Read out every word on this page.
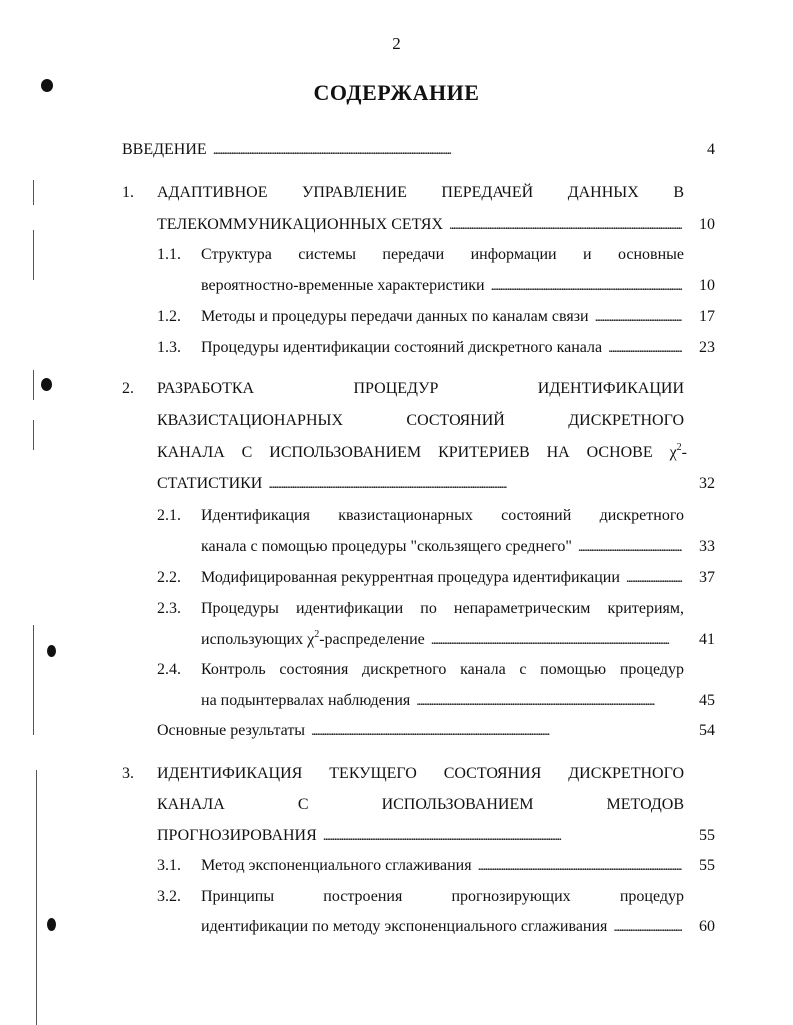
2
СОДЕРЖАНИЕ
ВВЕДЕНИЕ . . .	4
1. АДАПТИВНОЕ УПРАВЛЕНИЕ ПЕРЕДАЧЕЙ ДАННЫХ В
ТЕЛЕКОММУНИКАЦИОННЫХ СЕТЯХ . . .	10
1.1. Структура системы передачи информации и основные
вероятностно-временные характеристики . . .	10
1.2. Методы и процедуры передачи данных по каналам связи . . .	17
1.3. Процедуры идентификации состояний дискретного канала . . .	23
2. РАЗРАБОТКА ПРОЦЕДУР ИДЕНТИФИКАЦИИ
КВАЗИСТАЦИОНАРНЫХ СОСТОЯНИЙ ДИСКРЕТНОГО
КАНАЛА С ИСПОЛЬЗОВАНИЕМ КРИТЕРИЕВ НА ОСНОВЕ χ $^2$-
СТАТИСТИКИ . . .	32
2.1. Идентификация квазистационарных состояний дискретного
канала с помощью процедуры "скользящего среднего" . . .	33
2.2. Модифицированная рекуррентная процедура идентификации . . .	37
2.3. Процедуры идентификации по непараметрическим критериям,
использующих $\chi^2$-распределение . . .	41
2.4. Контроль состояния дискретного канала с помощью процедур
на подынтервалах наблюдения . . .	45
Основные результаты . . .	54
3. ИДЕНТИФИКАЦИЯ ТЕКУЩЕГО СОСТОЯНИЯ ДИСКРЕТНОГО
КАНАЛА С ИСПОЛЬЗОВАНИЕМ МЕТОДОВ
ПРОГНОЗИРОВАНИЯ . . .	55
3.1. Метод экспоненциального сглаживания . . .	55
3.2. Принципы построения прогнозирующих процедур
идентификации по методу экспоненциального сглаживания . . .	60
